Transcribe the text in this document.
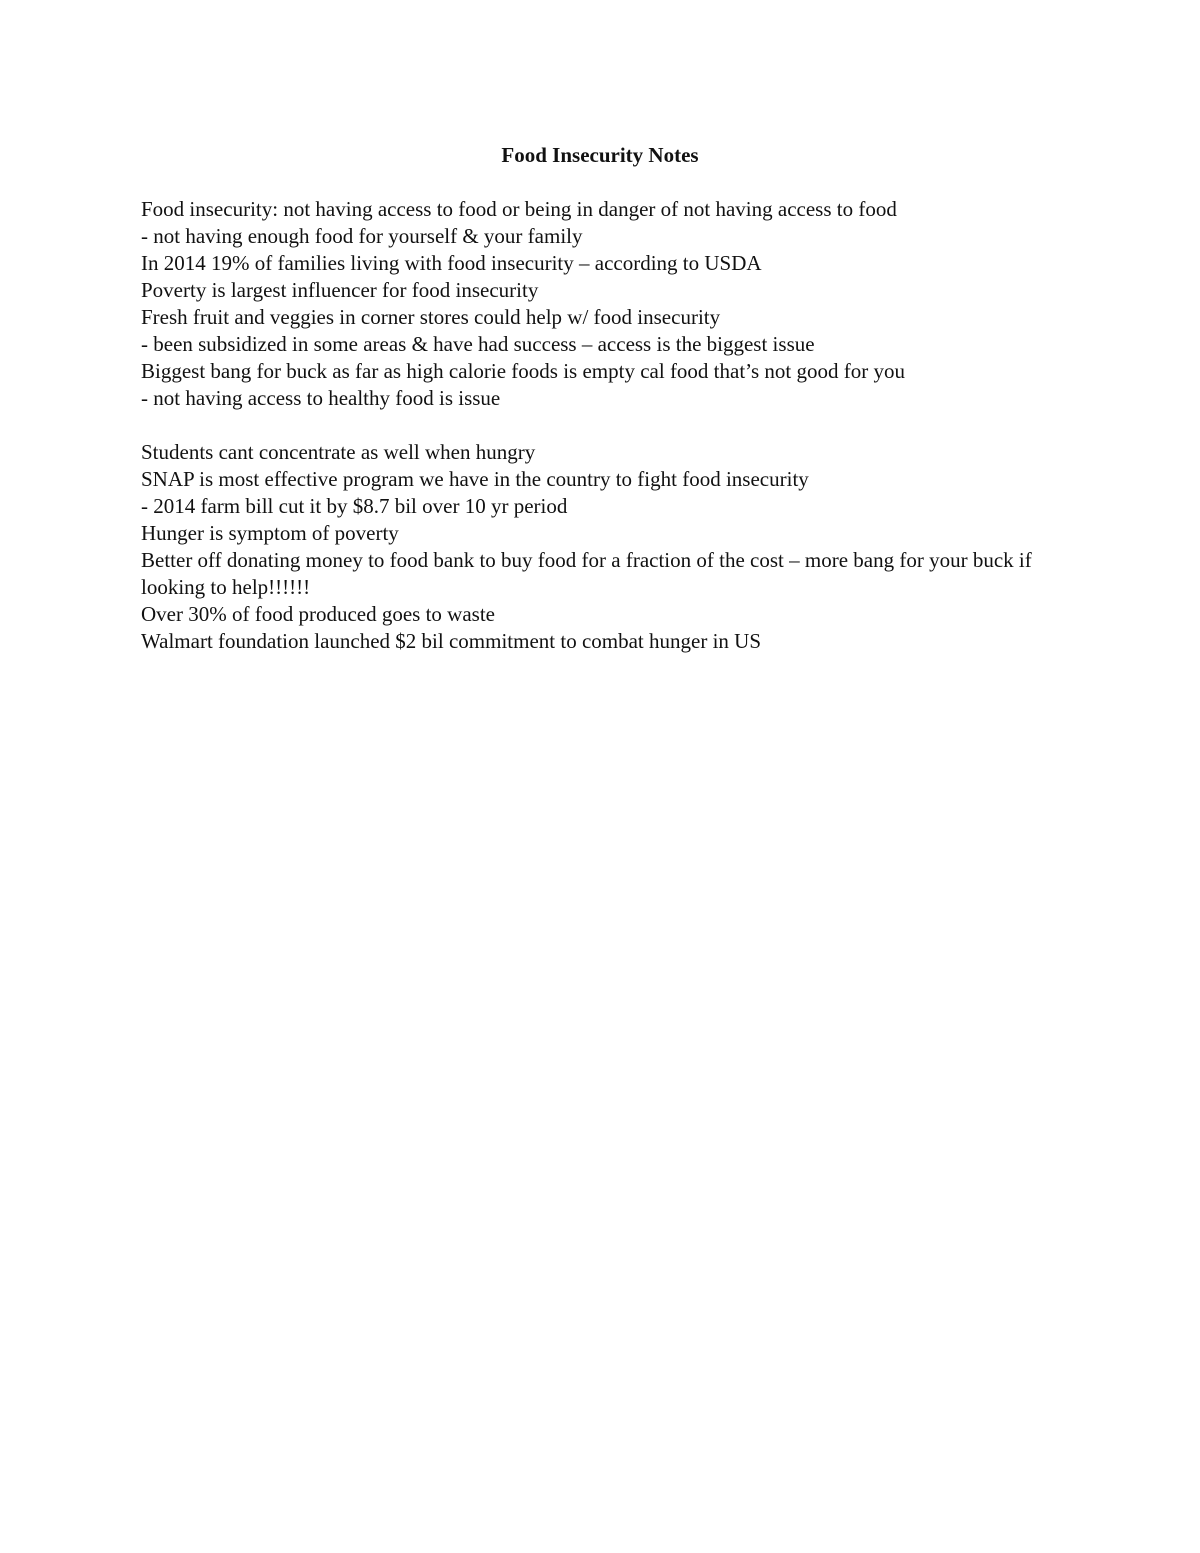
Food Insecurity Notes
Food insecurity: not having access to food or being in danger of not having access to food
- not having enough food for yourself & your family
In 2014 19% of families living with food insecurity – according to USDA
Poverty is largest influencer for food insecurity
Fresh fruit and veggies in corner stores could help w/ food insecurity
- been subsidized in some areas & have had success – access is the biggest issue
Biggest bang for buck as far as high calorie foods is empty cal food that’s not good for you
- not having access to healthy food is issue
Students cant concentrate as well when hungry
SNAP is most effective program we have in the country to fight food insecurity
- 2014 farm bill cut it by $8.7 bil over 10 yr period
Hunger is symptom of poverty
Better off donating money to food bank to buy food for a fraction of the cost – more bang for your buck if looking to help!!!!!!
Over 30% of food produced goes to waste
Walmart foundation launched $2 bil commitment to combat hunger in US
